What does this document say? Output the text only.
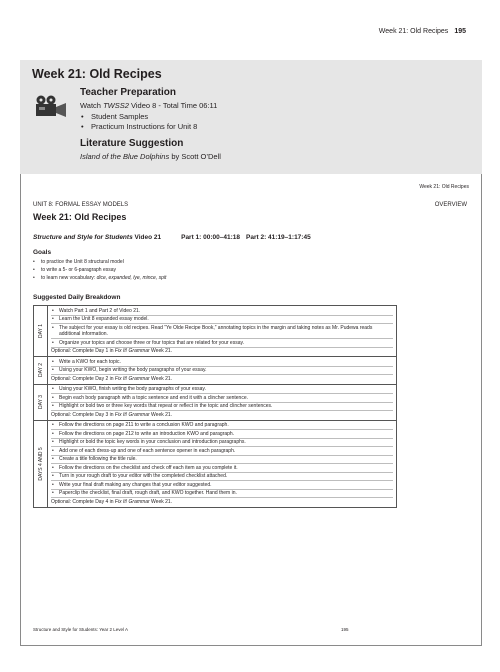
Week 21: Old Recipes 195
Week 21: Old Recipes
Teacher Preparation
Watch TWSS2 Video 8 - Total Time 06:11
• Student Samples
• Practicum Instructions for Unit 8
Literature Suggestion
Island of the Blue Dolphins by Scott O’Dell
Week 21: Old Recipes
UNIT 8: FORMAL ESSAY MODELS	OVERVIEW
Week 21: Old Recipes
Structure and Style for Students Video 21	Part 1: 00:00–41:18 Part 2: 41:19–1:17:45
Goals
• to practice the Unit 8 structural model
• to write a 5- or 6-paragraph essay
• to learn new vocabulary: dice, expanded, lye, mince, spit
Suggested Daily Breakdown
DAY 1
• Watch Part 1 and Part 2 of Video 21.
• Learn the Unit 8 expanded essay model.
• The subject for your essay is old recipes. Read “Ye Olde Recipe Book,” annotating topics in the margin and taking notes as Mr. Pudewa reads additional information.
• Organize your topics and choose three or four topics that are related for your essay.
Optional: Complete Day 1 in Fix It! Grammar Week 21.
DAY 2
• Write a KWO for each topic.
• Using your KWO, begin writing the body paragraphs of your essay.
Optional: Complete Day 2 in Fix It! Grammar Week 21.
DAY 3
• Using your KWO, finish writing the body paragraphs of your essay.
• Begin each body paragraph with a topic sentence and end it with a clincher sentence.
• Highlight or bold two or three key words that repeat or reflect in the topic and clincher sentences.
Optional: Complete Day 3 in Fix It! Grammar Week 21.
DAYS 4 AND 5
• Follow the directions on page 211 to write a conclusion KWO and paragraph.
• Follow the directions on page 212 to write an introduction KWO and paragraph.
• Highlight or bold the topic key words in your conclusion and introduction paragraphs.
• Add one of each dress-up and one of each sentence opener in each paragraph.
• Create a title following the title rule.
• Follow the directions on the checklist and check off each item as you complete it.
• Turn in your rough draft to your editor with the completed checklist attached.
• Write your final draft making any changes that your editor suggested.
• Paperclip the checklist, final draft, rough draft, and KWO together. Hand them in.
Optional: Complete Day 4 in Fix It! Grammar Week 21.
Structure and Style for Students: Year 2 Level A	195
